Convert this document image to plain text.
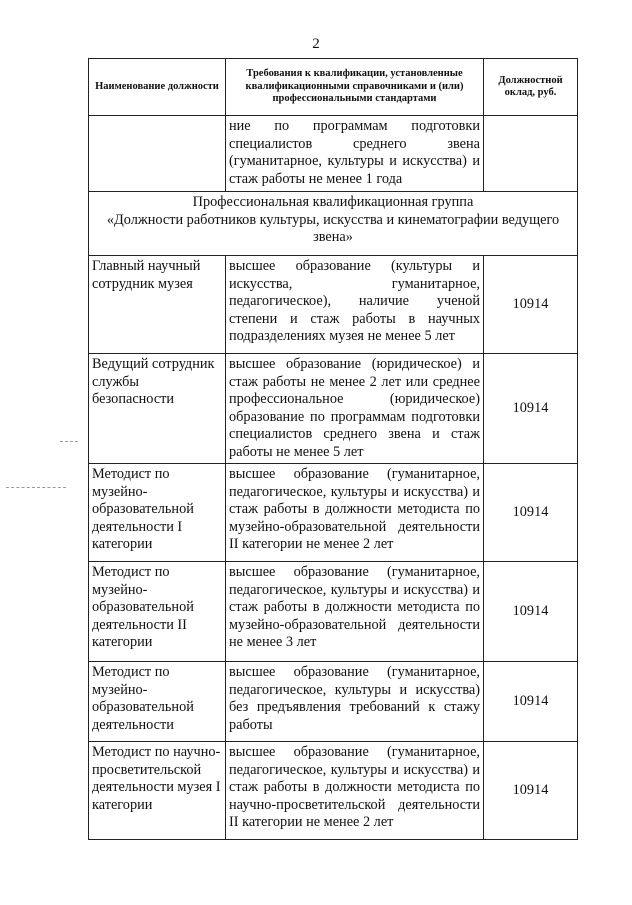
2
Наименование должности	Требования к квалификации, установленные квалификационными справочниками и (или) профессиональными стандартами	Должностной оклад, руб.
	ние по программам подготовки специалистов среднего звена (гуманитарное, культуры и искусства) и стаж работы не менее 1 года	

Профессиональная квалификационная группа
«Должности работников культуры, искусства и кинематографии ведущего звена»		

Главный научный сотрудник музея	высшее образование (культуры и искусства, гуманитарное, педагогическое), наличие ученой степени и стаж работы в научных подразделениях музея не менее 5 лет	10914
Ведущий сотрудник службы безопасности	высшее образование (юридическое) и стаж работы не менее 2 лет или среднее профессиональное (юридическое) образование по программам подготовки специалистов среднего звена и стаж работы не менее 5 лет	10914
Методист по музейно-образовательной деятельности I категории	высшее образование (гуманитарное, педагогическое, культуры и искусства) и стаж работы в должности методиста по музейно-образовательной деятельности II категории не менее 2 лет	10914
Методист по музейно-образовательной деятельности II категории	высшее образование (гуманитарное, педагогическое, культуры и искусства) и стаж работы в должности методиста по музейно-образовательной деятельности не менее 3 лет	10914
Методист по музейно-образовательной деятельности	высшее образование (гуманитарное, педагогическое, культуры и искусства) без предъявления требований к стажу работы	10914
Методист по научно-просветительской деятельности музея I категории	высшее образование (гуманитарное, педагогическое, культуры и искусства) и стаж работы в должности методиста по научно-просветительской деятельности II категории не менее 2 лет	10914
